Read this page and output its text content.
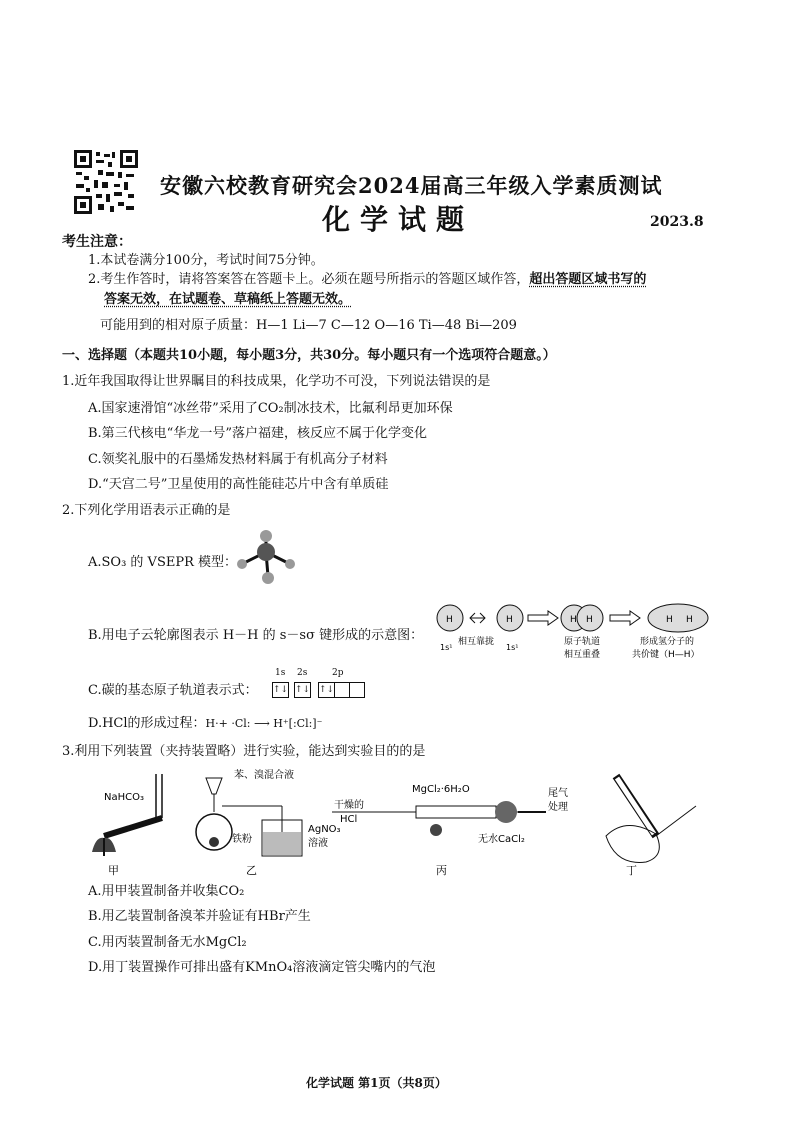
安徽六校教育研究会2024届高三年级入学素质测试
化学试题	2023.8
考生注意：
1.本试卷满分100分，考试时间75分钟。
2.考生作答时，请将答案答在答题卡上。必须在题号所指示的答题区域作答，超出答题区域书写的
答案无效，在试题卷、草稿纸上答题无效。
可能用到的相对原子质量：H—1 Li—7 C—12 O—16 Ti—48 Bi—209
一、选择题（本题共10小题，每小题3分，共30分。每小题只有一个选项符合题意。）
1.近年我国取得让世界瞩目的科技成果，化学功不可没，下列说法错误的是
A.国家速滑馆“冰丝带”采用了CO₂制冰技术，比氟利昂更加环保
B.第三代核电“华龙一号”落户福建，核反应不属于化学变化
C.领奖礼服中的石墨烯发热材料属于有机高分子材料
D.“天宫二号”卫星使用的高性能硅芯片中含有单质硅
2.下列化学用语表示正确的是
A.SO₃ 的 VSEPR 模型：
B.用电子云轮廓图表示 H－H 的 s－sσ 键形成的示意图：
H	H	H H	H H
1s¹
相互靠拢
1s¹
原子轨道
相互重叠
形成氢分子的
共价键（H—H）
C.碳的基态原子轨道表示式：
1s 2s	2p
↑↓ ↑↓ ↑↓		
D.HCl的形成过程：H·+ ·Cl: ⟶ H⁺[:Cl:]⁻
3.利用下列装置（夹持装置略）进行实验，能达到实验目的的是
NaHCO₃
甲
苯、溴混合液
铁粉
AgNO₃
溶液
乙
MgCl₂·6H₂O
干燥的
HCl
尾气
处理
无水CaCl₂
丙	丁
A.用甲装置制备并收集CO₂
B.用乙装置制备溴苯并验证有HBr产生
C.用丙装置制备无水MgCl₂
D.用丁装置操作可排出盛有KMnO₄溶液滴定管尖嘴内的气泡
化学试题 第1页（共8页）
